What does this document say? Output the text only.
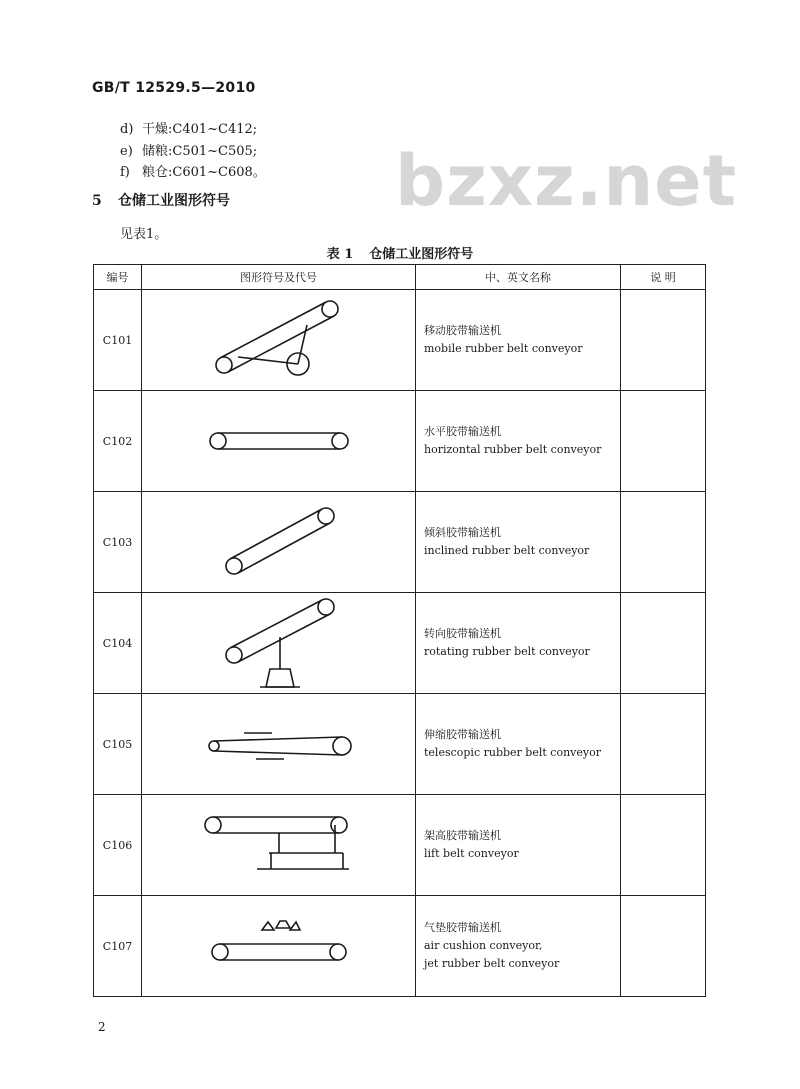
GB/T 12529.5—2010
d) 干燥:C401~C412;
e) 储粮:C501~C505;
f) 粮仓:C601~C608。 bzxz.net
5 仓储工业图形符号
见表1。
表 1 仓储工业图形符号
编号	图形符号及代号	中、英文名称	说 明
C101		移动胶带输送机
mobile rubber belt conveyor	

C102		水平胶带输送机
horizontal rubber belt conveyor	

C103		倾斜胶带输送机
inclined rubber belt conveyor	

C104		转向胶带输送机
rotating rubber belt conveyor	

C105		伸缩胶带输送机
telescopic rubber belt conveyor	

C106		架高胶带输送机
lift belt conveyor	

C107		气垫胶带输送机
air cushion conveyor,
jet rubber belt conveyor	

2
